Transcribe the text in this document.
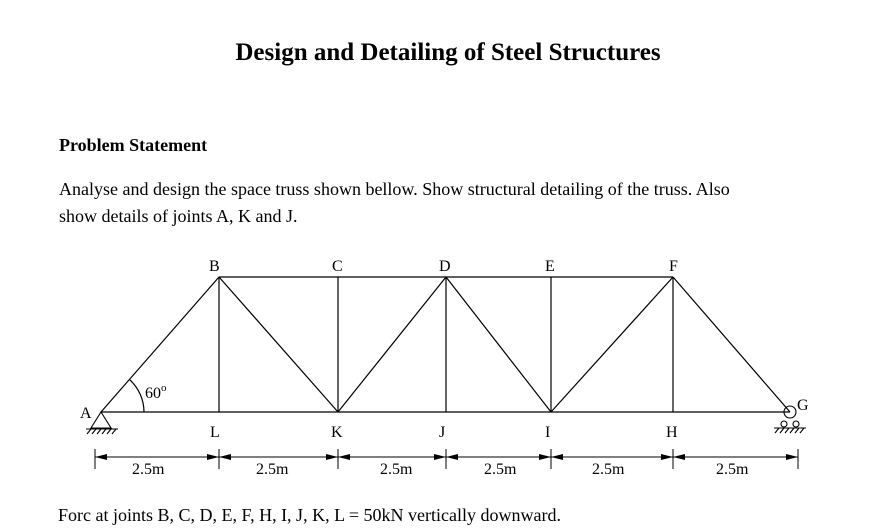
Design and Detailing of Steel Structures
Problem Statement

Analyse and design the space truss shown bellow. Show structural detailing of the truss. Also
show details of joints A, K and J.

B	C	D	E	F
L	K	J	I	H
A	G
60$^o$
2.5m	2.5m	2.5m	2.5m	2.5m	2.5m

Forc at joints B, C, D, E, F, H, I, J, K, L = 50kN vertically downward.
